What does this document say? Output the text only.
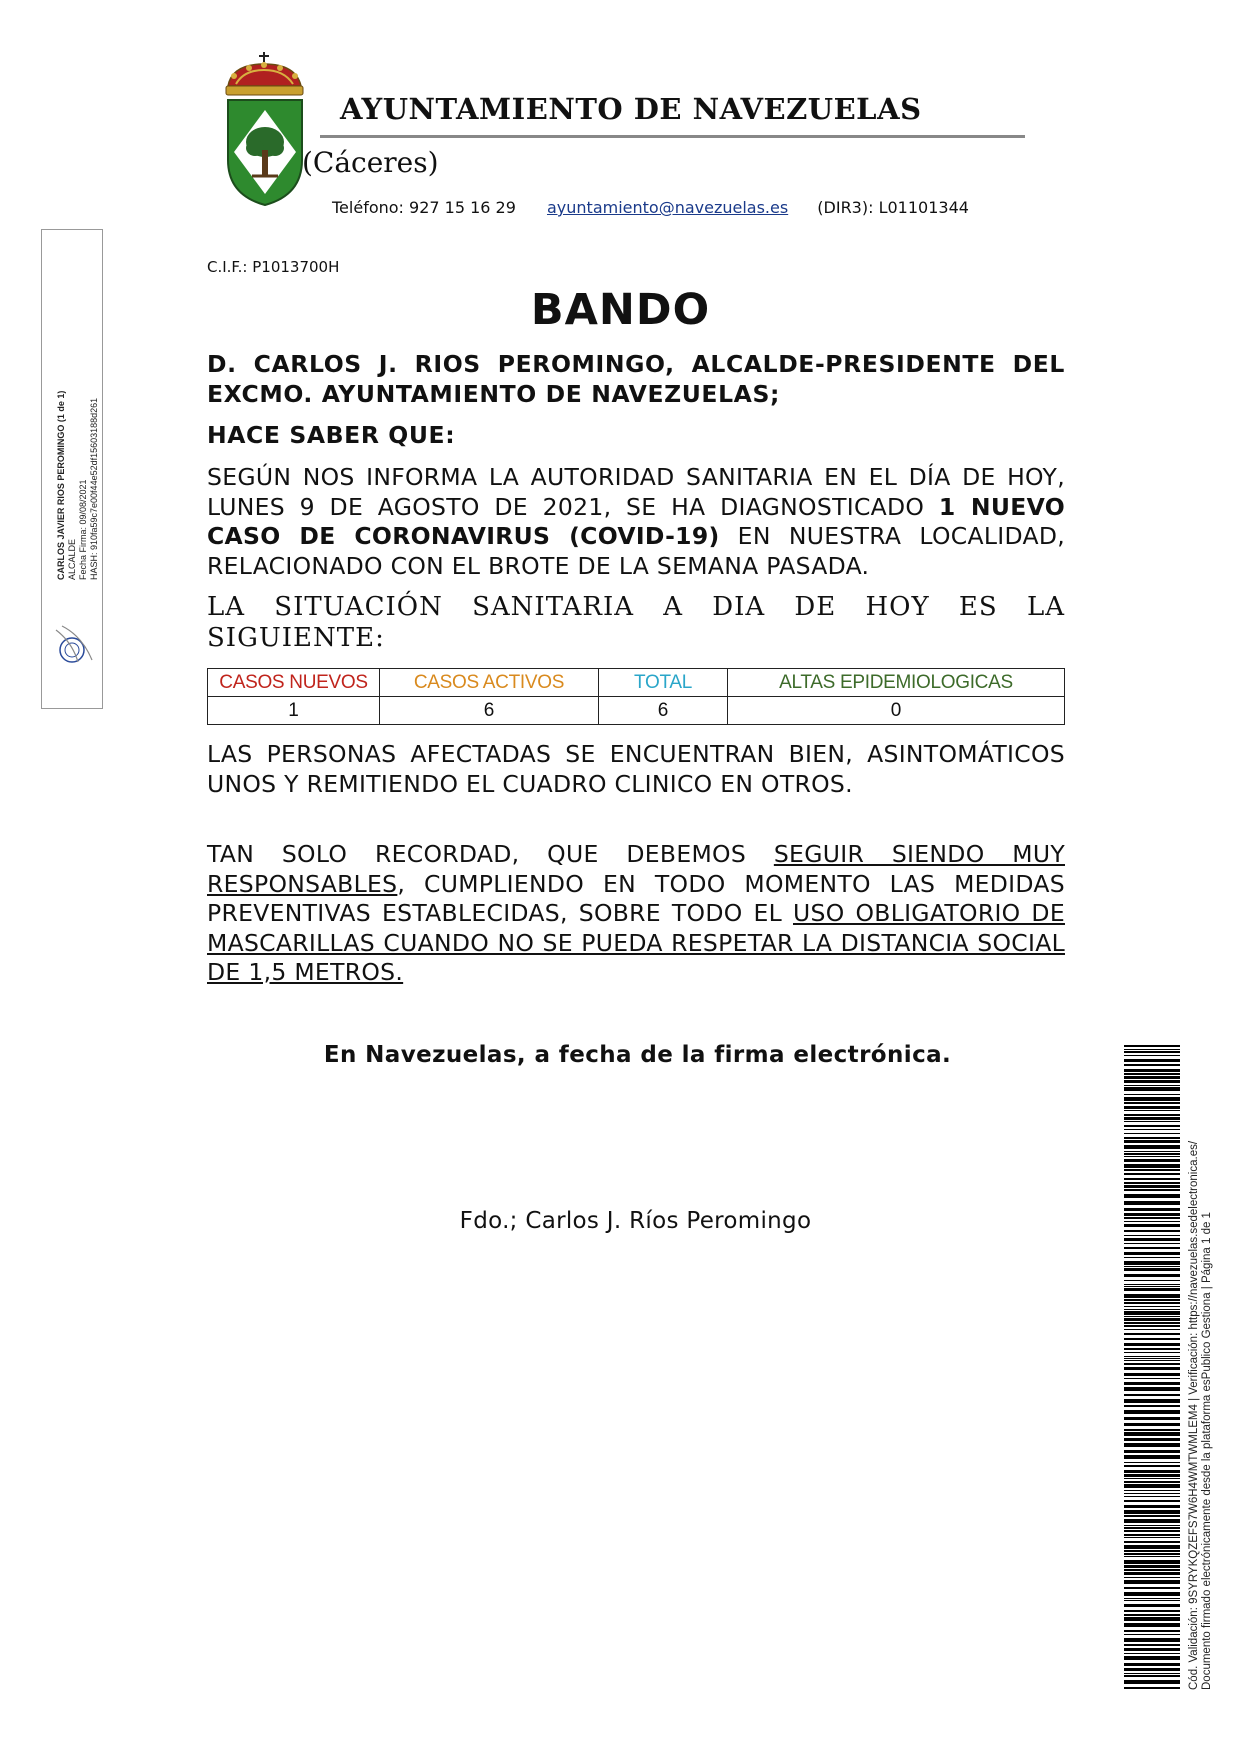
AYUNTAMIENTO DE NAVEZUELAS
(Cáceres)
Teléfono: 927 15 16 29 ayuntamiento@navezuelas.es (DIR3): L01101344
C.I.F.: P1013700H
BANDO
D. CARLOS J. RIOS PEROMINGO, ALCALDE-PRESIDENTE DEL EXCMO. AYUNTAMIENTO DE NAVEZUELAS;
HACE SABER QUE:
SEGÚN NOS INFORMA LA AUTORIDAD SANITARIA EN EL DÍA DE HOY, LUNES 9 DE AGOSTO DE 2021, SE HA DIAGNOSTICADO 1 NUEVO CASO DE CORONAVIRUS (COVID-19) EN NUESTRA LOCALIDAD, RELACIONADO CON EL BROTE DE LA SEMANA PASADA.
LA SITUACIÓN SANITARIA A DIA DE HOY ES LA SIGUIENTE:
CASOS NUEVOS	CASOS ACTIVOS	TOTAL	ALTAS EPIDEMIOLOGICAS
1	6	6	0
LAS PERSONAS AFECTADAS SE ENCUENTRAN BIEN, ASINTOMÁTICOS UNOS Y REMITIENDO EL CUADRO CLINICO EN OTROS.
TAN SOLO RECORDAD, QUE DEBEMOS SEGUIR SIENDO MUY RESPONSABLES, CUMPLIENDO EN TODO MOMENTO LAS MEDIDAS PREVENTIVAS ESTABLECIDAS, SOBRE TODO EL USO OBLIGATORIO DE MASCARILLAS CUANDO NO SE PUEDA RESPETAR LA DISTANCIA SOCIAL DE 1,5 METROS.
En Navezuelas, a fecha de la firma electrónica.
Fdo.; Carlos J. Ríos Peromingo
CARLOS JAVIER RIOS PEROMINGO (1 de 1) ALCALDE Fecha Firma: 09/08/2021 HASH: 910fa59c7e00f44e52df15603188d261
Cód. Validación: 9SYRYKQZEFS7W6H4WMTWMLEM4 | Verificación: https://navezuelas.sedelectronica.es/ Documento firmado electrónicamente desde la plataforma esPublico Gestiona | Página 1 de 1
